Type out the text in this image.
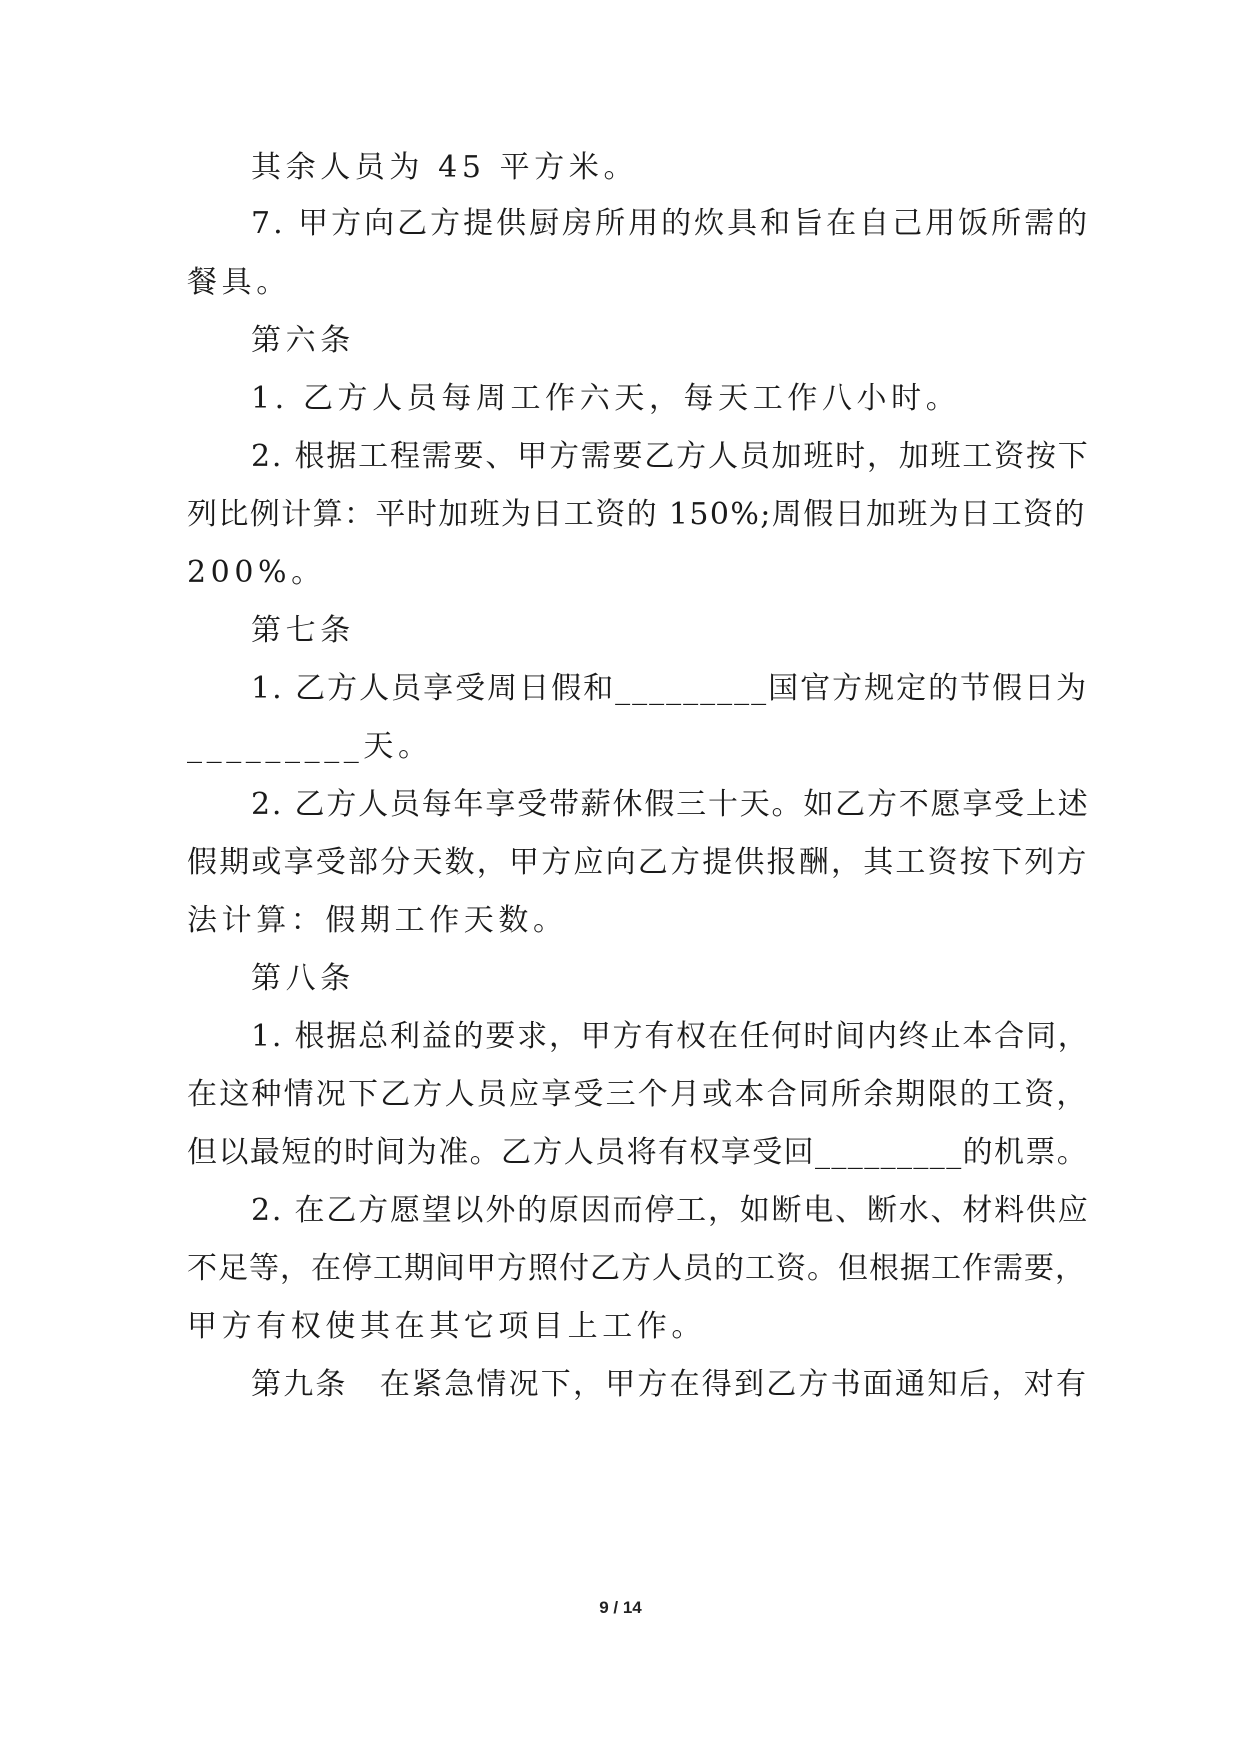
其余人员为 45 平方米。
7. 甲方向乙方提供厨房所用的炊具和旨在自己用饭所需的
餐具。
第六条
1. 乙方人员每周工作六天，每天工作八小时。
2. 根据工程需要、甲方需要乙方人员加班时，加班工资按下
列比例计算：平时加班为日工资的 150%;周假日加班为日工资的
200%。
第七条
1. 乙方人员享受周日假和_________国官方规定的节假日为
_________天。
2. 乙方人员每年享受带薪休假三十天。如乙方不愿享受上述
假期或享受部分天数，甲方应向乙方提供报酬，其工资按下列方
法计算：假期工作天数。
第八条
1. 根据总利益的要求，甲方有权在任何时间内终止本合同，
在这种情况下乙方人员应享受三个月或本合同所余期限的工资，
但以最短的时间为准。乙方人员将有权享受回_________的机票。
2. 在乙方愿望以外的原因而停工，如断电、断水、材料供应
不足等，在停工期间甲方照付乙方人员的工资。但根据工作需要，
甲方有权使其在其它项目上工作。
第九条　在紧急情况下，甲方在得到乙方书面通知后，对有
9 / 14
